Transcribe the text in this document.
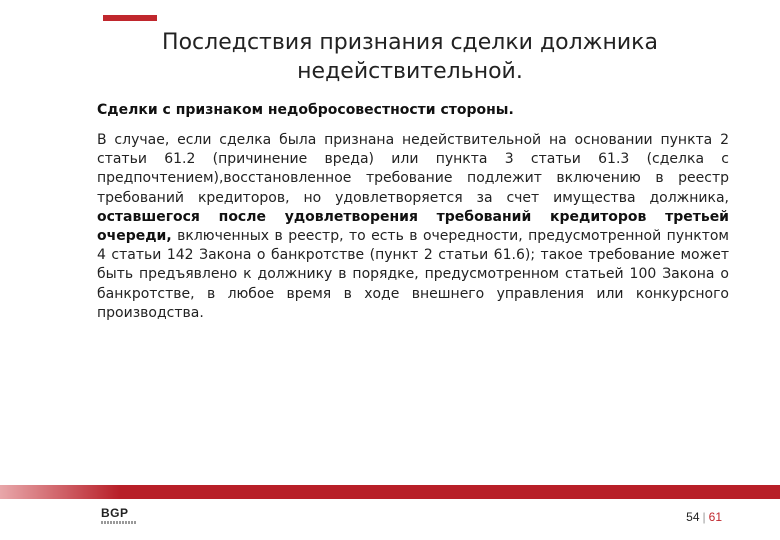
Последствия признания сделки должника недействительной.
Сделки с признаком недобросовестности стороны.
В случае, если сделка была признана недействительной на основании пункта 2 статьи 61.2 (причинение вреда) или пункта 3 статьи 61.3 (сделка с предпочтением),восстановленное требование подлежит включению в реестр требований кредиторов, но удовлетворяется за счет имущества должника, оставшегося после удовлетворения требований кредиторов третьей очереди, включенных в реестр, то есть в очередности, предусмотренной пунктом 4 статьи 142 Закона о банкротстве (пункт 2 статьи 61.6); такое требование может быть предъявлено к должнику в порядке, предусмотренном статьей 100 Закона о банкротстве, в любое время в ходе внешнего управления или конкурсного производства.
BGP	54 | 61
